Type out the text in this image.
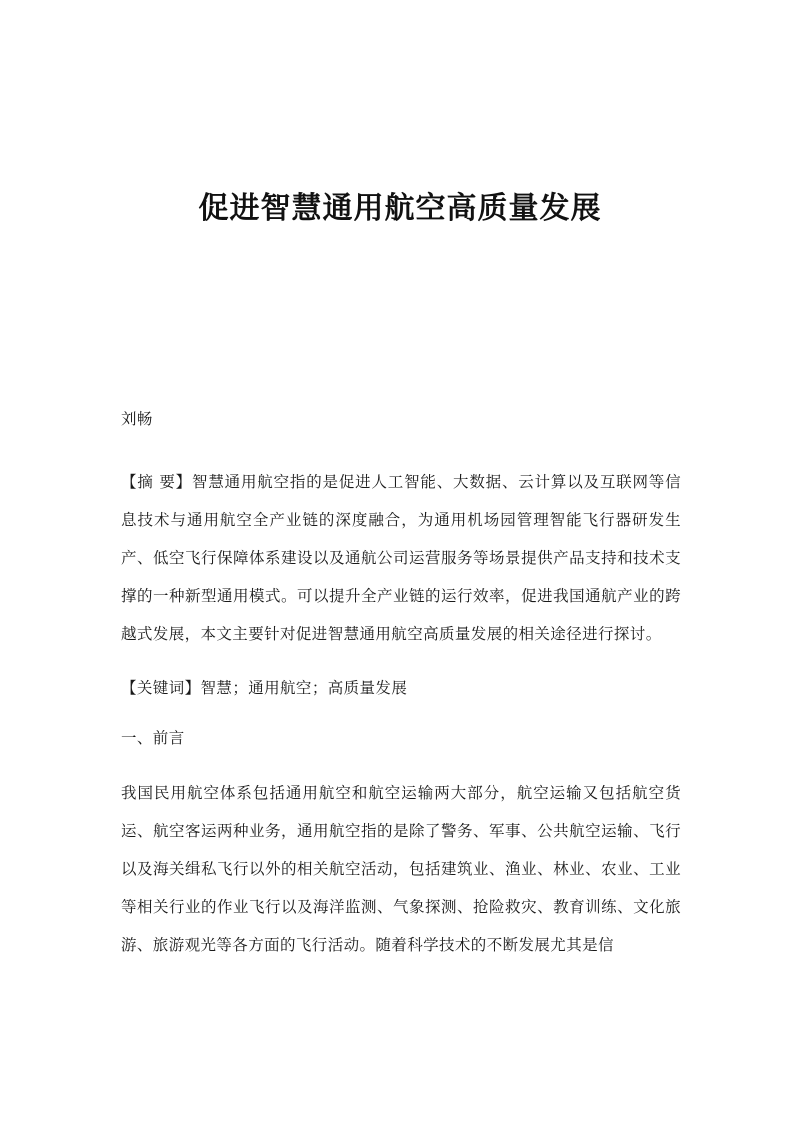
促进智慧通用航空高质量发展

刘畅

【摘 要】智慧通用航空指的是促进人工智能、大数据、云计算以及互联网等信息技术与通用航空全产业链的深度融合，为通用机场园管理智能飞行器研发生产、低空飞行保障体系建设以及通航公司运营服务等场景提供产品支持和技术支撑的一种新型通用模式。可以提升全产业链的运行效率，促进我国通航产业的跨越式发展，本文主要针对促进智慧通用航空高质量发展的相关途径进行探讨。

【关键词】智慧；通用航空；高质量发展

一、前言

我国民用航空体系包括通用航空和航空运输两大部分，航空运输又包括航空货运、航空客运两种业务，通用航空指的是除了警务、军事、公共航空运输、飞行以及海关缉私飞行以外的相关航空活动，包括建筑业、渔业、林业、农业、工业等相关行业的作业飞行以及海洋监测、气象探测、抢险救灾、教育训练、文化旅游、旅游观光等各方面的飞行活动。随着科学技术的不断发展尤其是信
